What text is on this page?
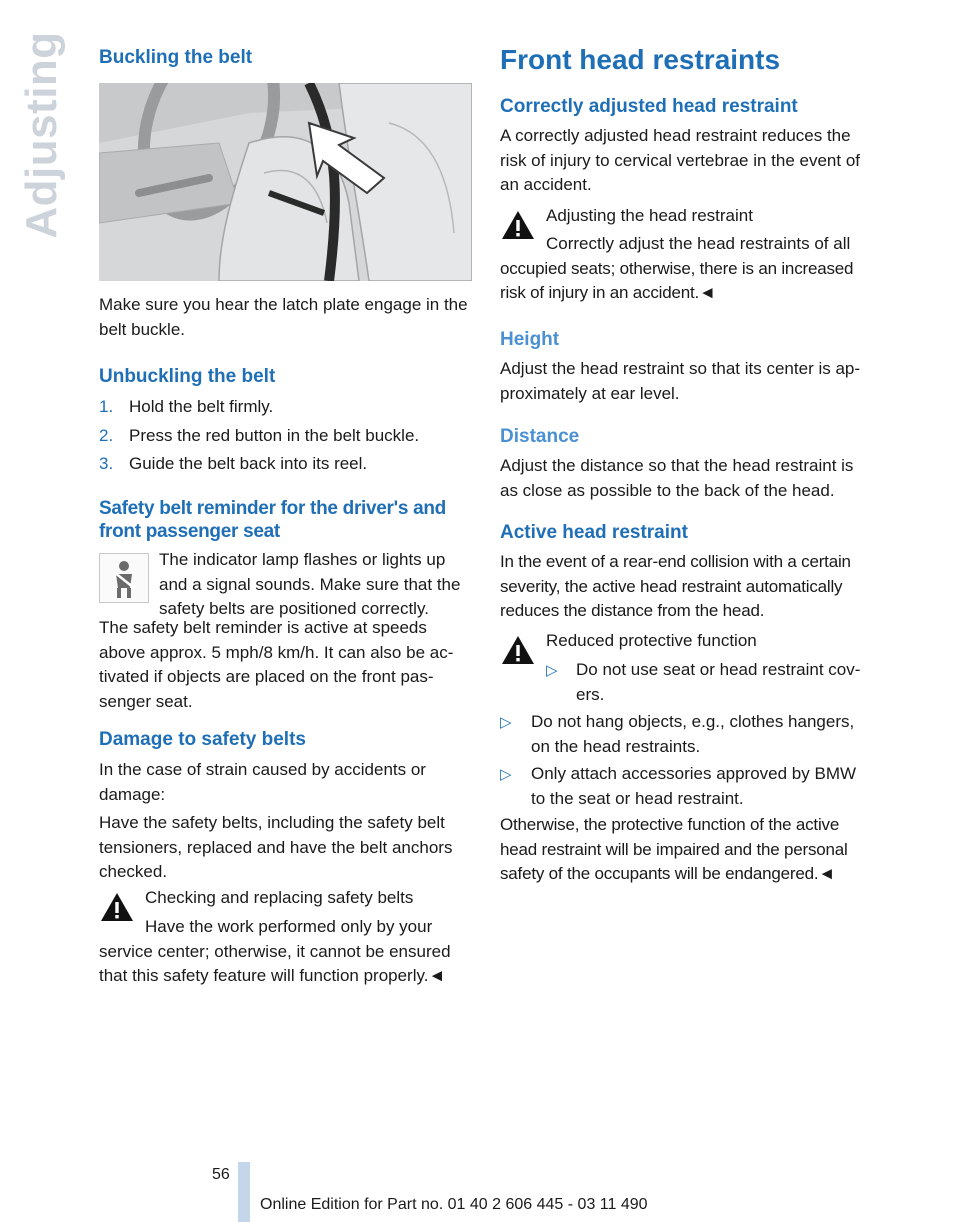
Adjusting Buckling the belt
Make sure you hear the latch plate engage in the
belt buckle.
Unbuckling the belt
1. Hold the belt firmly.
2. Press the red button in the belt buckle.
3. Guide the belt back into its reel.
Safety belt reminder for the driver's and
front passenger seat
The indicator lamp flashes or lights up
and a signal sounds. Make sure that the
safety belts are positioned correctly.
The safety belt reminder is active at speeds
above approx. 5 mph/8 km/h. It can also be ac-
tivated if objects are placed on the front pas-
senger seat.
Damage to safety belts
In the case of strain caused by accidents or
damage:
Have the safety belts, including the safety belt
tensioners, replaced and have the belt anchors
checked.
Checking and replacing safety belts
Have the work performed only by your
service center; otherwise, it cannot be ensured
that this safety feature will function properly.◄
Front head restraints
Correctly adjusted head restraint
A correctly adjusted head restraint reduces the
risk of injury to cervical vertebrae in the event of
an accident.
Adjusting the head restraint
Correctly adjust the head restraints of all
occupied seats; otherwise, there is an increased
risk of injury in an accident.◄
Height
Adjust the head restraint so that its center is ap-
proximately at ear level.
Distance
Adjust the distance so that the head restraint is
as close as possible to the back of the head.
Active head restraint
In the event of a rear-end collision with a certain
severity, the active head restraint automatically
reduces the distance from the head.
Reduced protective function
▷ Do not use seat or head restraint cov-
ers.
▷ Do not hang objects, e.g., clothes hangers,
on the head restraints.
▷ Only attach accessories approved by BMW
to the seat or head restraint.
Otherwise, the protective function of the active
head restraint will be impaired and the personal
safety of the occupants will be endangered.◄
56
Online Edition for Part no. 01 40 2 606 445 - 03 11 490
